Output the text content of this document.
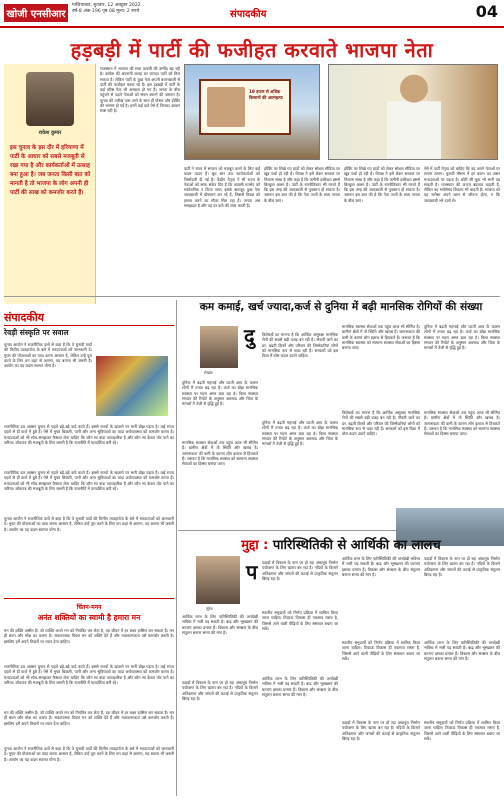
खोजी एनसीआर
गाजियाबाद, बुधवार, 12 अक्टूबर 2022
वर्ष-8 अंक-196 पृष्ठ 08 मूल्य: 2 रुपये	संपादकीय	04
हड़बड़ी में पार्टी की फजीहत करवाते भाजपा नेता
राकेश कुमार
इस चुनाव के इस दौर में हरियाणा में पार्टी के आधार को सबसे मजबूती से रखा गया है और कार्यकर्ताओं में उत्साह बना हुआ है। जब जनता किसी बात को मानती है तो भाजपा के लोग अपनी ही पार्टी की साख को कमजोर करते हैं।
राजस्थान में भाजपा की सत्ता वापसी की उम्मीद बढ़ रही है। कांग्रेस की अंदरूनी कलह का फायदा पार्टी को मिल सकता है। लेकिन पार्टी के कुछ नेता अपनी बयानबाजी से पार्टी की फजीहत करवा रहे हैं। इस हड़बड़ी में पार्टी के कई वरिष्ठ नेता भी असहज हो गए हैं। जनता के बीच पहुंचने से पहले नेताओं को संयम बरतने की जरूरत है। चुनाव की तारीख पास आने के साथ ही पोस्टर और होर्डिंग की भरमार हो गई है। इनमें कई दावे ऐसे हैं जिनका आधार स्पष्ट नहीं है।
19 हजार से अधिक किसानों की आत्महत्या
पार्टी ने राज्य में संगठन को मजबूत करने के लिए कई कदम उठाए हैं। बूथ स्तर तक कार्यकर्ताओं को जिम्मेदारी दी गई है। केंद्रीय नेतृत्व ने भी राज्य के नेताओं को साफ संकेत दिए हैं कि आपसी मतभेद को सार्वजनिक न किया जाए। इसके बावजूद कुछ नेता जल्दबाजी में घोषणाएं कर रहे हैं, जिससे विपक्ष को हमला करने का मौका मिल रहा है। जनता अब समझदार है और वह हर दावे की जांच करती है।
होर्डिंग पर लिखे गए वादों को लेकर सोशल मीडिया पर खूब चर्चा हो रही है। विपक्ष ने इसे लेकर सरकार पर निशाना साधा है और कहा है कि जमीनी हकीकत इससे बिल्कुल अलग है। पार्टी के रणनीतिकार भी मानते हैं कि इस तरह की जल्दबाजी से नुकसान हो सकता है। जरूरत इस बात की है कि नेता तथ्यों के साथ जनता के बीच जाएं।
होर्डिंग पर लिखे गए वादों को लेकर सोशल मीडिया पर खूब चर्चा हो रही है। विपक्ष ने इसे लेकर सरकार पर निशाना साधा है और कहा है कि जमीनी हकीकत इससे बिल्कुल अलग है। पार्टी के रणनीतिकार भी मानते हैं कि इस तरह की जल्दबाजी से नुकसान हो सकता है। जरूरत इस बात की है कि नेता तथ्यों के साथ जनता के बीच जाएं।
ऐसे में पार्टी नेतृत्व को चाहिए कि वह अपने नेताओं पर लगाम लगाए। चुनावी मौसम में हर बयान का असर मतदाताओं पर पड़ता है। छोटी सी चूक भी भारी पड़ सकती है। राजस्थान की जनता बदलाव चाहती है, लेकिन वह भरोसेमंद विकल्प भी चाहती है। भाजपा को यह भरोसा अपने काम से जीतना होगा, न कि जल्दबाजी भरे दावों से।
संपादकीय
रेवड़ी संस्कृति पर सवाल
चुनाव आयोग ने राजनीतिक दलों से कहा है कि वे चुनावी वादों की वित्तीय व्यवहार्यता के बारे में मतदाताओं को जानकारी दें। मुफ्त की योजनाओं का वादा करना आसान है, लेकिन उन्हें पूरा करने के लिए धन कहां से आएगा, यह बताना भी जरूरी है। आयोग का यह कदम स्वागत योग्य है।
राजनीतिक दल अक्सर चुनाव से पहले बड़े-बड़े वादे करते हैं। इससे राज्यों के खजाने पर भारी बोझ पड़ता है। कई राज्य पहले से ही कर्ज में डूबे हैं। ऐसे में मुफ्त बिजली, पानी और अन्य सुविधाओं का वादा अर्थव्यवस्था को कमजोर करता है। मतदाताओं को भी सोच-समझकर फैसला लेना चाहिए कि कौन सा वादा व्यावहारिक है और कौन सा केवल वोट पाने का जरिया। लोकतंत्र की मजबूती के लिए जरूरी है कि राजनीति में पारदर्शिता बनी रहे।
राजनीतिक दल अक्सर चुनाव से पहले बड़े-बड़े वादे करते हैं। इससे राज्यों के खजाने पर भारी बोझ पड़ता है। कई राज्य पहले से ही कर्ज में डूबे हैं। ऐसे में मुफ्त बिजली, पानी और अन्य सुविधाओं का वादा अर्थव्यवस्था को कमजोर करता है। मतदाताओं को भी सोच-समझकर फैसला लेना चाहिए कि कौन सा वादा व्यावहारिक है और कौन सा केवल वोट पाने का जरिया। लोकतंत्र की मजबूती के लिए जरूरी है कि राजनीति में पारदर्शिता बनी रहे।
चुनाव आयोग ने राजनीतिक दलों से कहा है कि वे चुनावी वादों की वित्तीय व्यवहार्यता के बारे में मतदाताओं को जानकारी दें। मुफ्त की योजनाओं का वादा करना आसान है, लेकिन उन्हें पूरा करने के लिए धन कहां से आएगा, यह बताना भी जरूरी है। आयोग का यह कदम स्वागत योग्य है।
चिंतन-मनन
अनंत शक्तियों का स्वामी है हमारा मन
मन की शक्ति असीम है। जो व्यक्ति अपने मन को नियंत्रित कर लेता है, वह जीवन में हर लक्ष्य हासिल कर सकता है। मन ही बंधन और मोक्ष का कारण है। सकारात्मक विचार मन को शक्ति देते हैं और नकारात्मकता उसे कमजोर करती है। इसलिए हमें अपने विचारों पर ध्यान देना चाहिए।
राजनीतिक दल अक्सर चुनाव से पहले बड़े-बड़े वादे करते हैं। इससे राज्यों के खजाने पर भारी बोझ पड़ता है। कई राज्य पहले से ही कर्ज में डूबे हैं। ऐसे में मुफ्त बिजली, पानी और अन्य सुविधाओं का वादा अर्थव्यवस्था को कमजोर करता है। मतदाताओं को भी सोच-समझकर फैसला लेना चाहिए कि कौन सा वादा व्यावहारिक है और कौन सा केवल वोट पाने का जरिया। लोकतंत्र की मजबूती के लिए जरूरी है कि राजनीति में पारदर्शिता बनी रहे।
मन की शक्ति असीम है। जो व्यक्ति अपने मन को नियंत्रित कर लेता है, वह जीवन में हर लक्ष्य हासिल कर सकता है। मन ही बंधन और मोक्ष का कारण है। सकारात्मक विचार मन को शक्ति देते हैं और नकारात्मकता उसे कमजोर करती है। इसलिए हमें अपने विचारों पर ध्यान देना चाहिए।
चुनाव आयोग ने राजनीतिक दलों से कहा है कि वे चुनावी वादों की वित्तीय व्यवहार्यता के बारे में मतदाताओं को जानकारी दें। मुफ्त की योजनाओं का वादा करना आसान है, लेकिन उन्हें पूरा करने के लिए धन कहां से आएगा, यह बताना भी जरूरी है। आयोग का यह कदम स्वागत योग्य है।
कम कमाई, खर्च ज्यादा,कर्ज से दुनिया में बढ़ी मानसिक रोगियों की संख्या
लेखक
दु
दुनिया में बढ़ती महंगाई और घटती आय के कारण लोगों में तनाव बढ़ रहा है। कर्ज का बोझ मानसिक स्वास्थ्य पर गहरा असर डाल रहा है। विश्व स्वास्थ्य संगठन की रिपोर्ट के अनुसार अवसाद और चिंता के मामलों में तेजी से वृद्धि हुई है।
विशेषज्ञों का मानना है कि आर्थिक असुरक्षा मानसिक रोगों की सबसे बड़ी वजह बन रही है। नौकरी जाने का डर, बढ़ती किस्तें और परिवार की जिम्मेदारियां लोगों को मानसिक रूप से थका रही हैं। सरकारों को इस दिशा में ठोस कदम उठाने चाहिए।
मानसिक स्वास्थ्य सेवाओं तक पहुंच आज भी सीमित है। ग्रामीण क्षेत्रों में तो स्थिति और खराब है। जागरूकता की कमी के कारण लोग इलाज से हिचकते हैं। जरूरत है कि मानसिक स्वास्थ्य को सामान्य स्वास्थ्य सेवाओं का हिस्सा बनाया जाए।
दुनिया में बढ़ती महंगाई और घटती आय के कारण लोगों में तनाव बढ़ रहा है। कर्ज का बोझ मानसिक स्वास्थ्य पर गहरा असर डाल रहा है। विश्व स्वास्थ्य संगठन की रिपोर्ट के अनुसार अवसाद और चिंता के मामलों में तेजी से वृद्धि हुई है।
मानसिक स्वास्थ्य सेवाओं तक पहुंच आज भी सीमित है। ग्रामीण क्षेत्रों में तो स्थिति और खराब है। जागरूकता की कमी के कारण लोग इलाज से हिचकते हैं। जरूरत है कि मानसिक स्वास्थ्य को सामान्य स्वास्थ्य सेवाओं का हिस्सा बनाया जाए।
दुनिया में बढ़ती महंगाई और घटती आय के कारण लोगों में तनाव बढ़ रहा है। कर्ज का बोझ मानसिक स्वास्थ्य पर गहरा असर डाल रहा है। विश्व स्वास्थ्य संगठन की रिपोर्ट के अनुसार अवसाद और चिंता के मामलों में तेजी से वृद्धि हुई है।
विशेषज्ञों का मानना है कि आर्थिक असुरक्षा मानसिक रोगों की सबसे बड़ी वजह बन रही है। नौकरी जाने का डर, बढ़ती किस्तें और परिवार की जिम्मेदारियां लोगों को मानसिक रूप से थका रही हैं। सरकारों को इस दिशा में ठोस कदम उठाने चाहिए।
मानसिक स्वास्थ्य सेवाओं तक पहुंच आज भी सीमित है। ग्रामीण क्षेत्रों में तो स्थिति और खराब है। जागरूकता की कमी के कारण लोग इलाज से हिचकते हैं। जरूरत है कि मानसिक स्वास्थ्य को सामान्य स्वास्थ्य सेवाओं का हिस्सा बनाया जाए।
मुद्दा : पारिस्थितिकी से आर्थिकी का लालच
सुरेश
प पहाड़ों में विकास के नाम पर हो रहा अंधाधुंध निर्माण पर्यावरण के लिए खतरा बन रहा है। नदियों के किनारे अतिक्रमण और जंगलों की कटाई से प्राकृतिक संतुलन बिगड़ रहा है।
आर्थिक लाभ के लिए पारिस्थितिकी की अनदेखी भविष्य में भारी पड़ सकती है। बाढ़ और भूस्खलन की घटनाएं इसका प्रमाण हैं। विकास और संरक्षण के बीच संतुलन बनाना समय की मांग है।
स्थानीय समुदायों को निर्णय प्रक्रिया में शामिल किया जाना चाहिए। टिकाऊ विकास ही एकमात्र रास्ता है, जिससे आने वाली पीढ़ियों के लिए संसाधन बचाए जा सकें।
आर्थिक लाभ के लिए पारिस्थितिकी की अनदेखी भविष्य में भारी पड़ सकती है। बाढ़ और भूस्खलन की घटनाएं इसका प्रमाण हैं। विकास और संरक्षण के बीच संतुलन बनाना समय की मांग है।
पहाड़ों में विकास के नाम पर हो रहा अंधाधुंध निर्माण पर्यावरण के लिए खतरा बन रहा है। नदियों के किनारे अतिक्रमण और जंगलों की कटाई से प्राकृतिक संतुलन बिगड़ रहा है।
पहाड़ों में विकास के नाम पर हो रहा अंधाधुंध निर्माण पर्यावरण के लिए खतरा बन रहा है। नदियों के किनारे अतिक्रमण और जंगलों की कटाई से प्राकृतिक संतुलन बिगड़ रहा है।
आर्थिक लाभ के लिए पारिस्थितिकी की अनदेखी भविष्य में भारी पड़ सकती है। बाढ़ और भूस्खलन की घटनाएं इसका प्रमाण हैं। विकास और संरक्षण के बीच संतुलन बनाना समय की मांग है।
स्थानीय समुदायों को निर्णय प्रक्रिया में शामिल किया जाना चाहिए। टिकाऊ विकास ही एकमात्र रास्ता है, जिससे आने वाली पीढ़ियों के लिए संसाधन बचाए जा सकें।
आर्थिक लाभ के लिए पारिस्थितिकी की अनदेखी भविष्य में भारी पड़ सकती है। बाढ़ और भूस्खलन की घटनाएं इसका प्रमाण हैं। विकास और संरक्षण के बीच संतुलन बनाना समय की मांग है।
पहाड़ों में विकास के नाम पर हो रहा अंधाधुंध निर्माण पर्यावरण के लिए खतरा बन रहा है। नदियों के किनारे अतिक्रमण और जंगलों की कटाई से प्राकृतिक संतुलन बिगड़ रहा है।
स्थानीय समुदायों को निर्णय प्रक्रिया में शामिल किया जाना चाहिए। टिकाऊ विकास ही एकमात्र रास्ता है, जिससे आने वाली पीढ़ियों के लिए संसाधन बचाए जा सकें।
